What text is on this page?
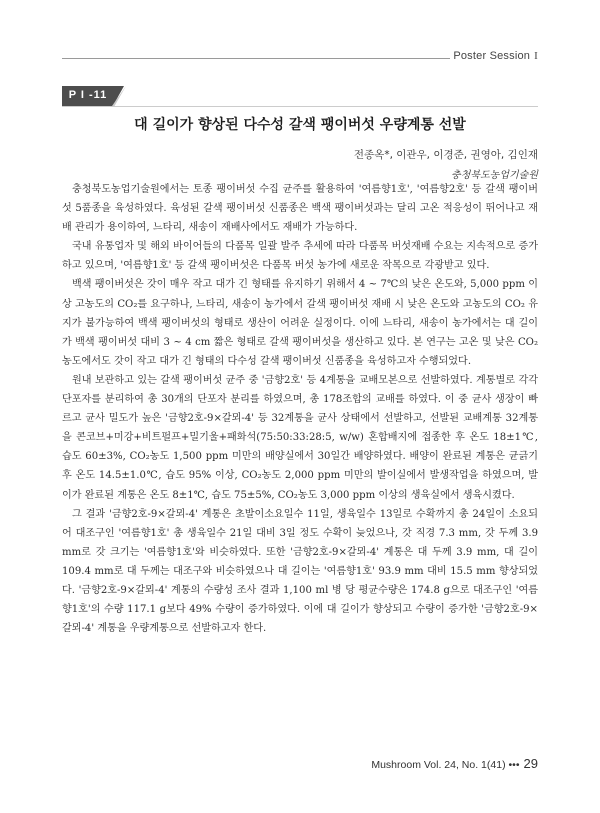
Poster Session I
P I -11
대 길이가 향상된 다수성 갈색 팽이버섯 우량계통 선발
전종옥*, 이관우, 이경준, 권영아, 김인재
충청북도농업기술원

충청북도농업기술원에서는 토종 팽이버섯 수집 균주를 활용하여 '여름향1호', '여름향2호' 등 갈색 팽이버섯 5품종을 육성하였다. 육성된 갈색 팽이버섯 신품종은 백색 팽이버섯과는 달리 고온 적응성이 뛰어나고 재배 관리가 용이하여, 느타리, 새송이 재배사에서도 재배가 가능하다.

국내 유통업자 및 해외 바이어들의 다품목 일괄 발주 추세에 따라 다품목 버섯재배 수요는 지속적으로 증가하고 있으며, '여름향1호' 등 갈색 팽이버섯은 다품목 버섯 농가에 새로운 작목으로 각광받고 있다.

백색 팽이버섯은 갓이 매우 작고 대가 긴 형태를 유지하기 위해서 4 ~ 7℃의 낮은 온도와, 5,000 ppm 이상 고농도의 CO₂를 요구하나, 느타리, 새송이 농가에서 갈색 팽이버섯 재배 시 낮은 온도와 고농도의 CO₂ 유지가 불가능하여 백색 팽이버섯의 형태로 생산이 어려운 실정이다. 이에 느타리, 새송이 농가에서는 대 길이가 백색 팽이버섯 대비 3 ~ 4 cm 짧은 형태로 갈색 팽이버섯을 생산하고 있다. 본 연구는 고온 및 낮은 CO₂농도에서도 갓이 작고 대가 긴 형태의 다수성 갈색 팽이버섯 신품종을 육성하고자 수행되었다.

원내 보관하고 있는 갈색 팽이버섯 균주 중 '금향2호' 등 4계통을 교배모본으로 선발하였다. 계통별로 각각 단포자를 분리하여 총 30개의 단포자 분리를 하였으며, 총 178조합의 교배를 하였다. 이 중 균사 생장이 빠르고 균사 밀도가 높은 '금향2호-9×갈뫼-4' 등 32계통을 균사 상태에서 선발하고, 선발된 교배계통 32계통을 콘코브+미강+비트펄프+밀기울+패화석(75:50:33:28:5, w/w) 혼합배지에 접종한 후 온도 18±1℃, 습도 60±3%, CO₂농도 1,500 ppm 미만의 배양실에서 30일간 배양하였다. 배양이 완료된 계통은 균긁기 후 온도 14.5±1.0℃, 습도 95% 이상, CO₂농도 2,000 ppm 미만의 발이실에서 발생작업을 하였으며, 발이가 완료된 계통은 온도 8±1℃, 습도 75±5%, CO₂농도 3,000 ppm 이상의 생육실에서 생육시켰다.

그 결과 '금향2호-9×갈뫼-4' 계통은 초발이소요일수 11일, 생육일수 13일로 수확까지 총 24일이 소요되어 대조구인 '여름향1호' 총 생육일수 21일 대비 3일 정도 수확이 늦었으나, 갓 직경 7.3 mm, 갓 두께 3.9 mm로 갓 크기는 '여름향1호'와 비슷하였다. 또한 '금향2호-9×갈뫼-4' 계통은 대 두께 3.9 mm, 대 길이 109.4 mm로 대 두께는 대조구와 비슷하였으나 대 길이는 '여름향1호' 93.9 mm 대비 15.5 mm 향상되었다. '금향2호-9×갈뫼-4' 계통의 수량성 조사 결과 1,100 ml 병 당 평균수량은 174.8 g으로 대조구인 '여름향1호'의 수량 117.1 g보다 49% 수량이 증가하였다. 이에 대 길이가 향상되고 수량이 증가한 '금향2호-9×갈뫼-4' 계통을 우량계통으로 선발하고자 한다.

Mushroom Vol. 24, No. 1(41) ••• 29
